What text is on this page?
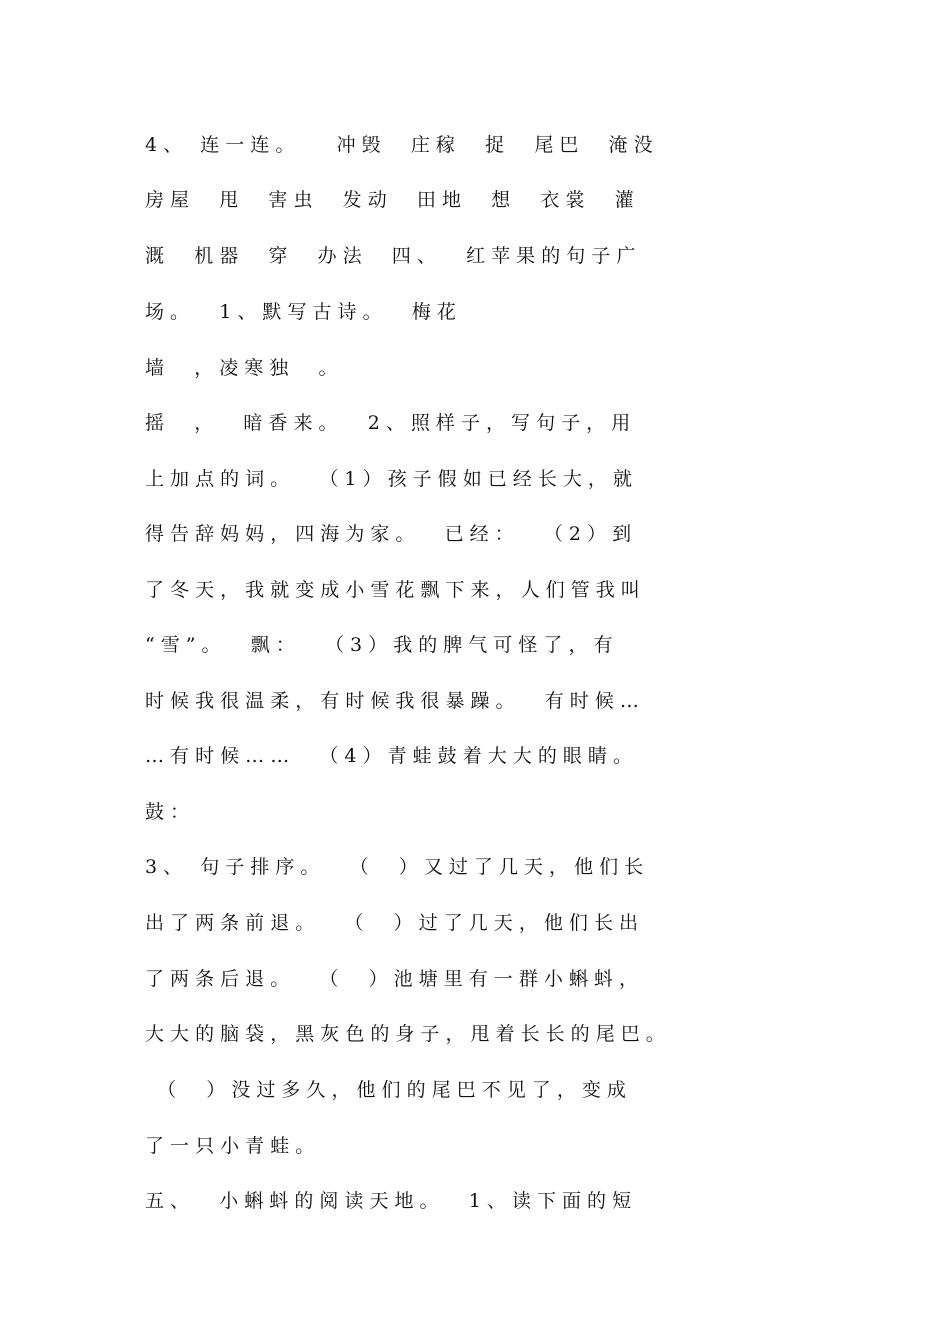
4 、   连 一 连 。       冲 毁     庄 稼     捉     尾 巴     淹 没
房 屋     甩     害 虫     发 动     田 地     想     衣 裳     灌
溉     机 器     穿     办 法     四 、     红 苹 果 的 句 子 广
场 。     1 、 默 写 古 诗 。     梅 花
墙     ， 凌 寒 独     。
摇     ，     暗 香 来 。     2 、 照 样 子 ， 写 句 子 ， 用
上 加 点 的 词 。     （ 1 ） 孩 子 假 如 已 经 长 大 ， 就
得 告 辞 妈 妈 ， 四 海 为 家 。     已 经 ：     （ 2 ） 到
了 冬 天 ， 我 就 变 成 小 雪 花 飘 下 来 ， 人 们 管 我 叫
“ 雪 ” 。     飘 ：     （ 3 ） 我 的 脾 气 可 怪 了 ， 有
时 候 我 很 温 柔 ， 有 时 候 我 很 暴 躁 。     有 时 候 …
… 有 时 候 … …     （ 4 ） 青 蛙 鼓 着 大 大 的 眼 睛 。
鼓 ：
3 、   句 子 排 序 。     （     ） 又 过 了 几 天 ， 他 们 长
出 了 两 条 前 退 。     （     ） 过 了 几 天 ， 他 们 长 出
了 两 条 后 退 。     （     ） 池 塘 里 有 一 群 小 蝌 蚪 ，
大 大 的 脑 袋 ， 黑 灰 色 的 身 子 ， 甩 着 长 长 的 尾 巴 。
（     ） 没 过 多 久 ， 他 们 的 尾 巴 不 见 了 ， 变 成
了 一 只 小 青 蛙 。
五 、     小 蝌 蚪 的 阅 读 天 地 。     1 、 读 下 面 的 短
